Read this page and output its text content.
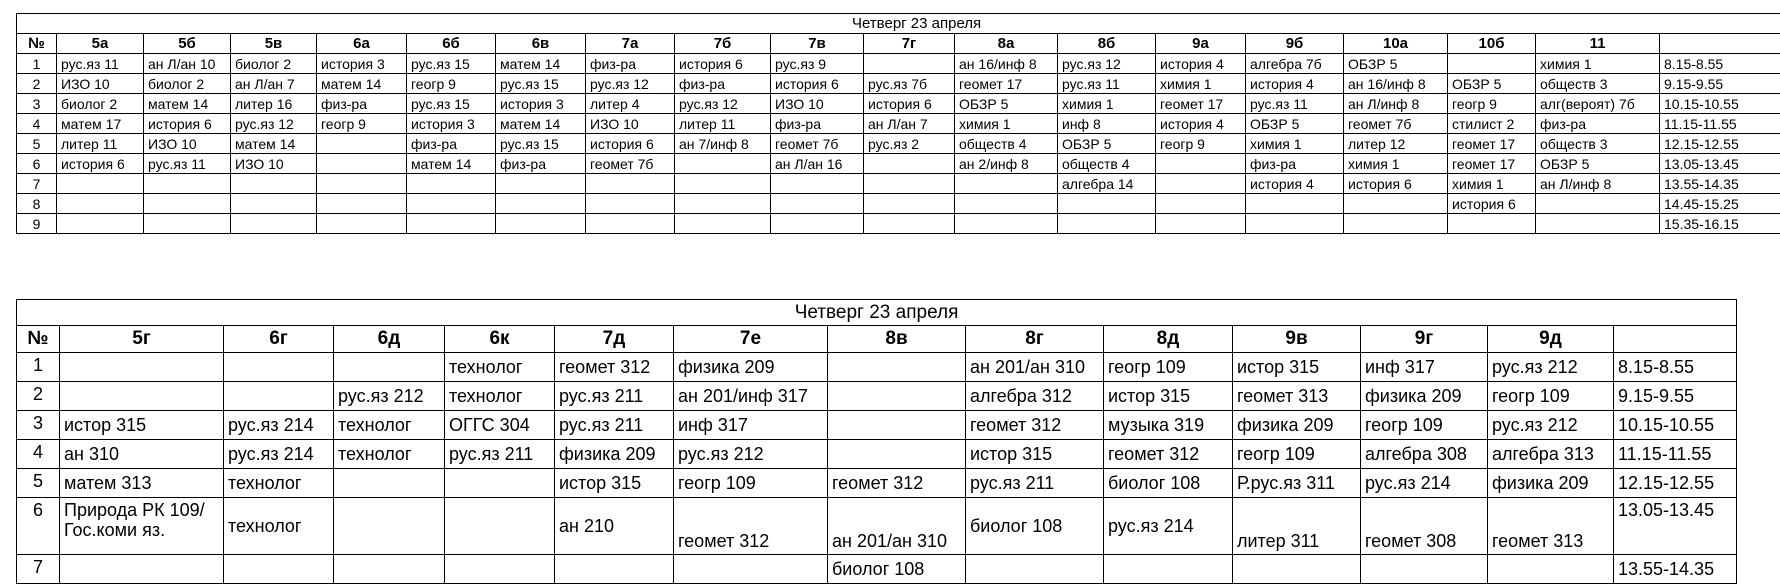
Четверг 23 апреля																		
№	5а	5б	5в	6а	6б	6в	7а	7б	7в	7г	8а	8б	9а	9б	10а	10б	11	
1	рус.яз 11	ан Л/ан 10	биолог 2	история 3	рус.яз 15	матем 14	физ-ра	история 6	рус.яз 9		ан 16/инф 8	рус.яз 12	история 4	алгебра 7б	ОБЗР 5		химия 1	8.15-8.55
2	ИЗО 10	биолог 2	ан Л/ан 7	матем 14	геогр 9	рус.яз 15	рус.яз 12	физ-ра	история 6	рус.яз 7б	геомет 17	рус.яз 11	химия 1	история 4	ан 16/инф 8	ОБЗР 5	обществ 3	9.15-9.55
3	биолог 2	матем 14	литер 16	физ-ра	рус.яз 15	история 3	литер 4	рус.яз 12	ИЗО 10	история 6	ОБЗР 5	химия 1	геомет 17	рус.яз 11	ан Л/инф 8	геогр 9	алг(вероят) 7б	10.15-10.55
4	матем 17	история 6	рус.яз 12	геогр 9	история 3	матем 14	ИЗО 10	литер 11	физ-ра	ан Л/ан 7	химия 1	инф 8	история 4	ОБЗР 5	геомет 7б	стилист 2	физ-ра	11.15-11.55
5	литер 11	ИЗО 10	матем 14		физ-ра	рус.яз 15	история 6	ан 7/инф 8	геомет 7б	рус.яз 2	обществ 4	ОБЗР 5	геогр 9	химия 1	литер 12	геомет 17	обществ 3	12.15-12.55
6	история 6	рус.яз 11	ИЗО 10		матем 14	физ-ра	геомет 7б		ан Л/ан 16		ан 2/инф 8	обществ 4		физ-ра	химия 1	геомет 17	ОБЗР 5	13.05-13.45
7												алгебра 14		история 4	история 6	химия 1	ан Л/инф 8	13.55-14.35
8																история 6		14.45-15.25
9																		15.35-16.15
Четверг 23 апреля													
№	5г	6г	6д	6к	7д	7е	8в	8г	8д	9в	9г	9д	
1				технолог	геомет 312	физика 209		ан 201/ан 310	геогр 109	истор 315	инф 317	рус.яз 212	8.15-8.55
2			рус.яз 212	технолог	рус.яз 211	ан 201/инф 317		алгебра 312	истор 315	геомет 313	физика 209	геогр 109	9.15-9.55
3	истор 315	рус.яз 214	технолог	ОГГС 304	рус.яз 211	инф 317		геомет 312	музыка 319	физика 209	геогр 109	рус.яз 212	10.15-10.55
4	ан 310	рус.яз 214	технолог	рус.яз 211	физика 209	рус.яз 212		истор 315	геомет 312	геогр 109	алгебра 308	алгебра 313	11.15-11.55
5	матем 313	технолог			истор 315	геогр 109	геомет 312	рус.яз 211	биолог 108	Р.рус.яз 311	рус.яз 214	физика 209	12.15-12.55
6	Природа РК 109/ Гос.коми яз.	технолог			ан 210	геомет 312	ан 201/ан 310	биолог 108	рус.яз 214	литер 311	геомет 308	геомет 313	13.05-13.45
7							биолог 108						13.55-14.35
